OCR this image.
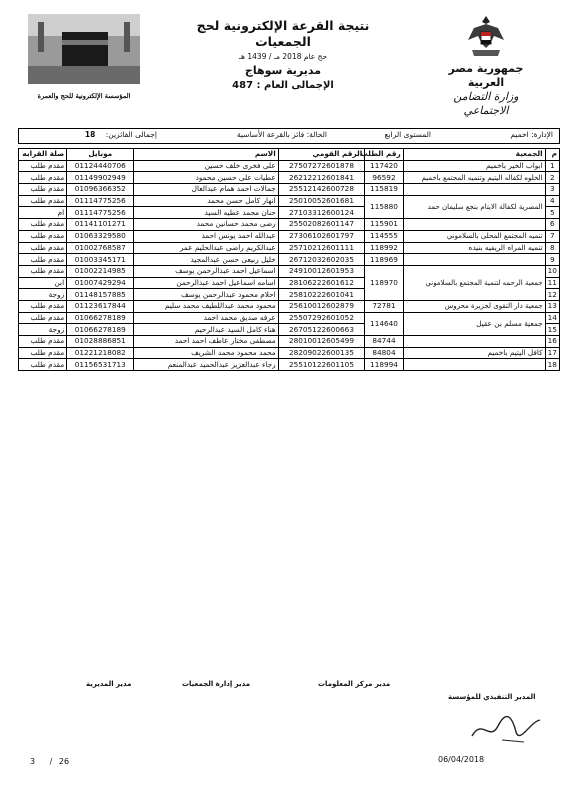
المؤسسة الإلكترونية للحج والعمرة
نتيجة القرعة الإلكترونية لحج الجمعيات
حج عام 2018 مـ / 1439 هـ
مديرية سوهاج
الإجمالى العام : 487
جمهورية مصر العربية
وزارة التضامن الاجتماعي
الإدارة: اخميم
المستوى الرابع
الحالة: فائز بالقرعة الأساسية
إجمالى الفائزين: 18
م	الجمعية	رقم الطلب	الرقم القومي	الاسم	موبايل	صلة القرابه
1	ابواب الخير باخميم	117420	27507272601878	على فخرى خلف حسين	01124440706	مقدم طلب
2	الخلوه لكفاله اليتيم وتنميه المجتمع باخميم	96592	26212212601841	عطيات على حسين محمود	01149902949	مقدم طلب
3		115819	25512142600728	جمالات احمد همام عبدالعال	01096366352	مقدم طلب
4	المصرية لكفالة الايتام بنجع سليمان حمد	115880	25010052601681	انهار كامل حسن محمد	01114775256	مقدم طلب
5			27103312600124	حنان محمد عطيه السيد	01114775256	ام
6		115901	25502082601147	رضى محمد حسانين محمد	01141101271	مقدم طلب
7	تنميه المجتمع المحلى بالسلاموني	114555	27306102601797	عبدالله احمد يونس احمد	01063329580	مقدم طلب
8	تنميه المراه الريفيه بنيده	118992	25710212601111	عبدالكريم راضى عبدالحليم عمر	01002768587	مقدم طلب
9		118969	26712032602035	خليل ربيعى حسن عبدالمجيد	01003345171	مقدم طلب
10	جمعية الرحمه لتنمية المجتمع بالسلاموني	118970	24910012601953	اسماعيل احمد عبدالرحمن يوسف	01002214985	مقدم طلب
11			28106222601612	اسامه اسماعيل احمد عبدالرحمن	01007429294	ابن
12			25810222601041	احلام محمود عبدالرحمن يوسف	01148157885	زوجة
13	جمعية دار التقوى لجزيرة محروس	72781	25610012602879	محمود محمد عبداللطيف محمد سليم	01123617844	مقدم طلب
14	جمعية مسلم بن عقيل	114640	25507292601052	عرفه صديق محمد احمد	01066278189	مقدم طلب
15			26705122600663	هناء كامل السيد عبدالرحيم	01066278189	زوجة
16		84744	28010012605499	مصطفى مختار عاطف احمد احمد	01028886851	مقدم طلب
17	كافل اليتيم باخميم	84804	28209022600135	محمد محمود محمد الشريف	01221218082	مقدم طلب
18		118994	25510122601105	رجاء عبدالعزيز عبدالحميد عبدالمنعم	01156531713	مقدم طلب
مدير المديرية	مدير إدارة الجمعيات	مدير مركز المعلومات
المدير التنفيذي للمؤسسة
3 / 26	06/04/2018
